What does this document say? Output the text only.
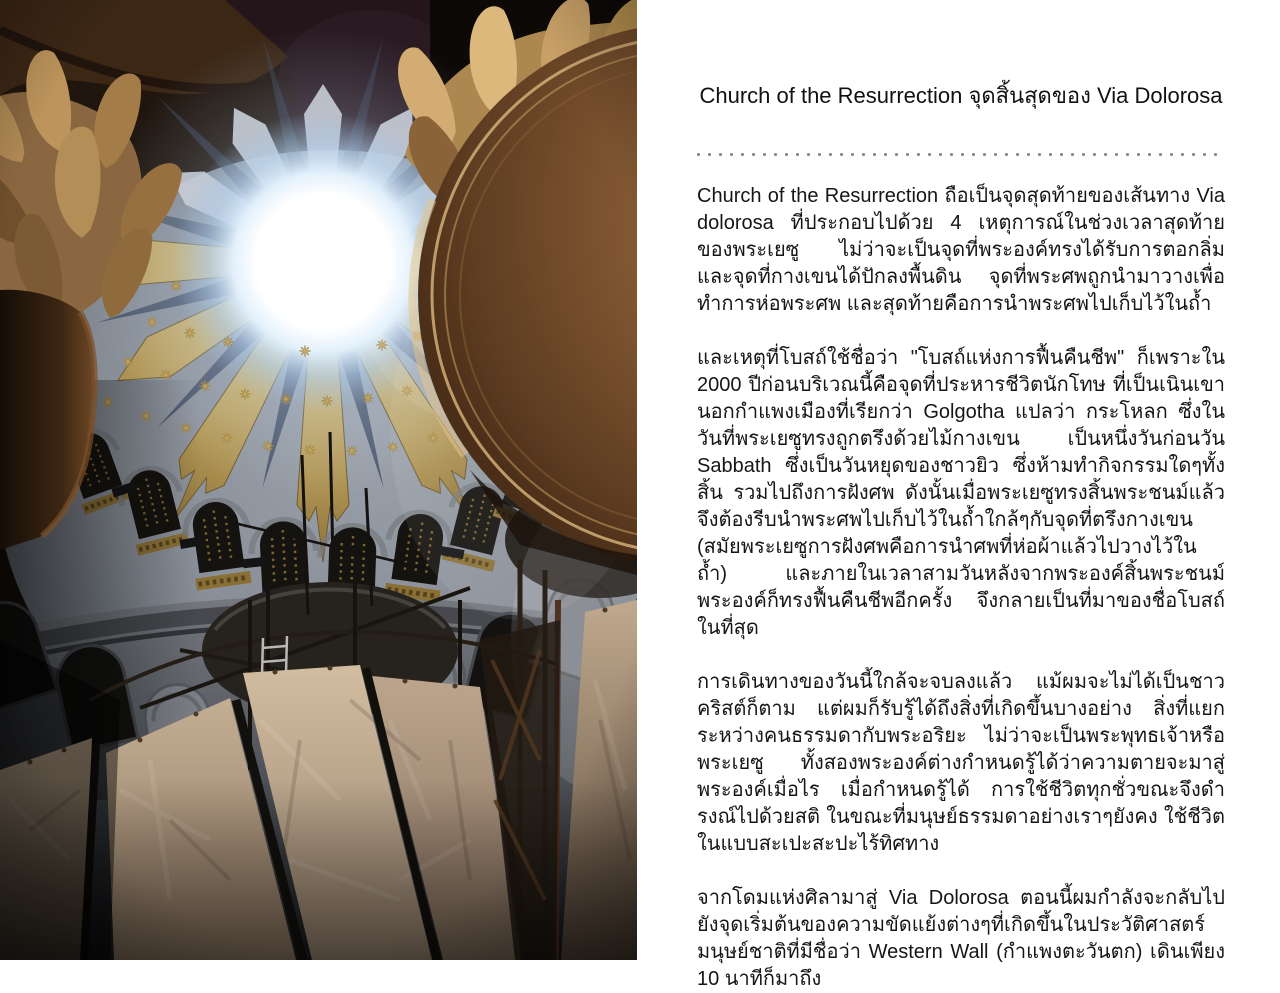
Church of the Resurrection จุดสิ้นสุดของ Via Dolorosa

Church of the Resurrection ถือเป็นจุดสุดท้ายของเส้นทาง Via dolorosa ที่ประกอบไปด้วย 4 เหตุการณ์ในช่วงเวลาสุดท้ายของพระเยซู ไม่ว่าจะเป็นจุดที่พระองค์ทรงได้รับการตอกลิ่ม และจุดที่กางเขนได้ปักลงพื้นดิน จุดที่พระศพถูกนำมาวางเพื่อทำการห่อพระศพ และสุดท้ายคือการนำพระศพไปเก็บไว้ในถ้ำ

และเหตุที่โบสถ์ใช้ชื่อว่า "โบสถ์แห่งการฟื้นคืนชีพ" ก็เพราะใน 2000 ปีก่อนบริเวณนี้คือจุดที่ประหารชีวิตนักโทษ ที่เป็นเนินเขานอกกำแพงเมืองที่เรียกว่า Golgotha แปลว่า กระโหลก ซึ่งในวันที่พระเยซูทรงถูกตรึงด้วยไม้กางเขน เป็นหนึ่งวันก่อนวัน Sabbath ซึ่งเป็นวันหยุดของชาวยิว ซึ่งห้ามทำกิจกรรมใดๆทั้งสิ้น รวมไปถึงการฝังศพ ดังนั้นเมื่อพระเยซูทรงสิ้นพระชนม์แล้ว จึงต้องรีบนำพระศพไปเก็บไว้ในถ้ำใกล้ๆกับจุดที่ตรึงกางเขน (สมัยพระเยซูการฝังศพคือการนำศพที่ห่อผ้าแล้วไปวางไว้ในถ้ำ) และภายในเวลาสามวันหลังจากพระองค์สิ้นพระชนม์ พระองค์ก็ทรงฟื้นคืนชีพอีกครั้ง จึงกลายเป็นที่มาของชื่อโบสถ์ในที่สุด

การเดินทางของวันนี้ใกล้จะจบลงแล้ว แม้ผมจะไม่ได้เป็นชาวคริสต์ก็ตาม แต่ผมก็รับรู้ได้ถึงสิ่งที่เกิดขึ้นบางอย่าง สิ่งที่แยกระหว่างคนธรรมดากับพระอริยะ ไม่ว่าจะเป็นพระพุทธเจ้าหรือพระเยซู ทั้งสองพระองค์ต่างกำหนดรู้ได้ว่าความตายจะมาสู่พระองค์เมื่อไร เมื่อกำหนดรู้ได้ การใช้ชีวิตทุกชั่วขณะจึงดำรงณ์ไปด้วยสติ ในขณะที่มนุษย์ธรรมดาอย่างเราๆยังคง ใช้ชีวิต ในแบบสะเปะสะปะไร้ทิศทาง

จากโดมแห่งศิลามาสู่ Via Dolorosa ตอนนี้ผมกำลังจะกลับไปยังจุดเริ่มต้นของความขัดแย้งต่างๆที่เกิดขึ้นในประวัติศาสตร์มนุษย์ชาติที่มีชื่อว่า Western Wall (กำแพงตะวันตก) เดินเพียง 10 นาทีก็มาถึง
